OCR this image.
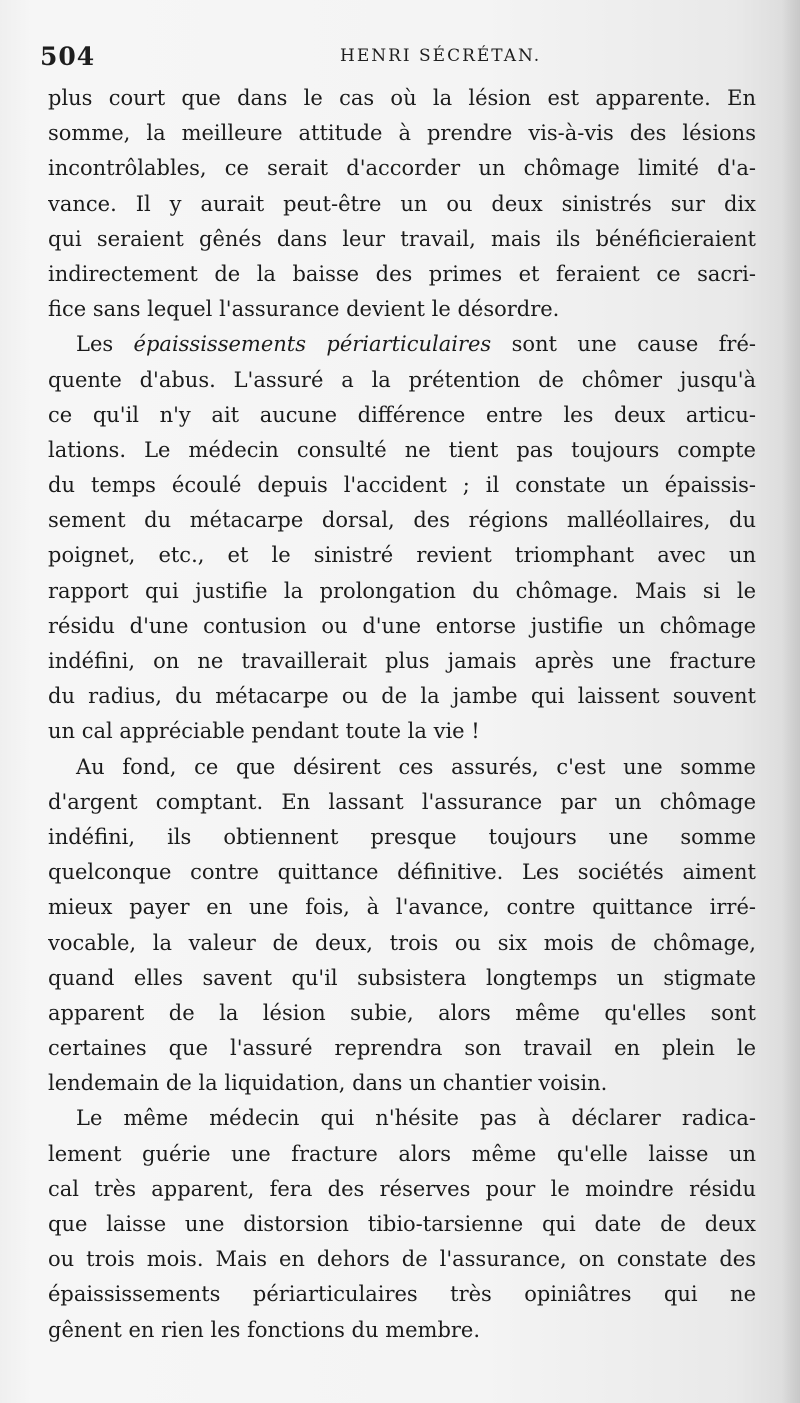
504	HENRI SÉCRÉTAN.
plus court que dans le cas où la lésion est apparente. En
somme, la meilleure attitude à prendre vis-à-vis des lésions
incontrôlables, ce serait d'accorder un chômage limité d'a-
vance. Il y aurait peut-être un ou deux sinistrés sur dix
qui seraient gênés dans leur travail, mais ils bénéficieraient
indirectement de la baisse des primes et feraient ce sacri-
fice sans lequel l'assurance devient le désordre.
Les épaississements périarticulaires sont une cause fré-
quente d'abus. L'assuré a la prétention de chômer jusqu'à
ce qu'il n'y ait aucune différence entre les deux articu-
lations. Le médecin consulté ne tient pas toujours compte
du temps écoulé depuis l'accident ; il constate un épaissis-
sement du métacarpe dorsal, des régions malléollaires, du
poignet, etc., et le sinistré revient triomphant avec un
rapport qui justifie la prolongation du chômage. Mais si le
résidu d'une contusion ou d'une entorse justifie un chômage
indéfini, on ne travaillerait plus jamais après une fracture
du radius, du métacarpe ou de la jambe qui laissent souvent
un cal appréciable pendant toute la vie !
Au fond, ce que désirent ces assurés, c'est une somme
d'argent comptant. En lassant l'assurance par un chômage
indéfini, ils obtiennent presque toujours une somme
quelconque contre quittance définitive. Les sociétés aiment
mieux payer en une fois, à l'avance, contre quittance irré-
vocable, la valeur de deux, trois ou six mois de chômage,
quand elles savent qu'il subsistera longtemps un stigmate
apparent de la lésion subie, alors même qu'elles sont
certaines que l'assuré reprendra son travail en plein le
lendemain de la liquidation, dans un chantier voisin.
Le même médecin qui n'hésite pas à déclarer radica-
lement guérie une fracture alors même qu'elle laisse un
cal très apparent, fera des réserves pour le moindre résidu
que laisse une distorsion tibio-tarsienne qui date de deux
ou trois mois. Mais en dehors de l'assurance, on constate des
épaississements périarticulaires très opiniâtres qui ne
gênent en rien les fonctions du membre.
